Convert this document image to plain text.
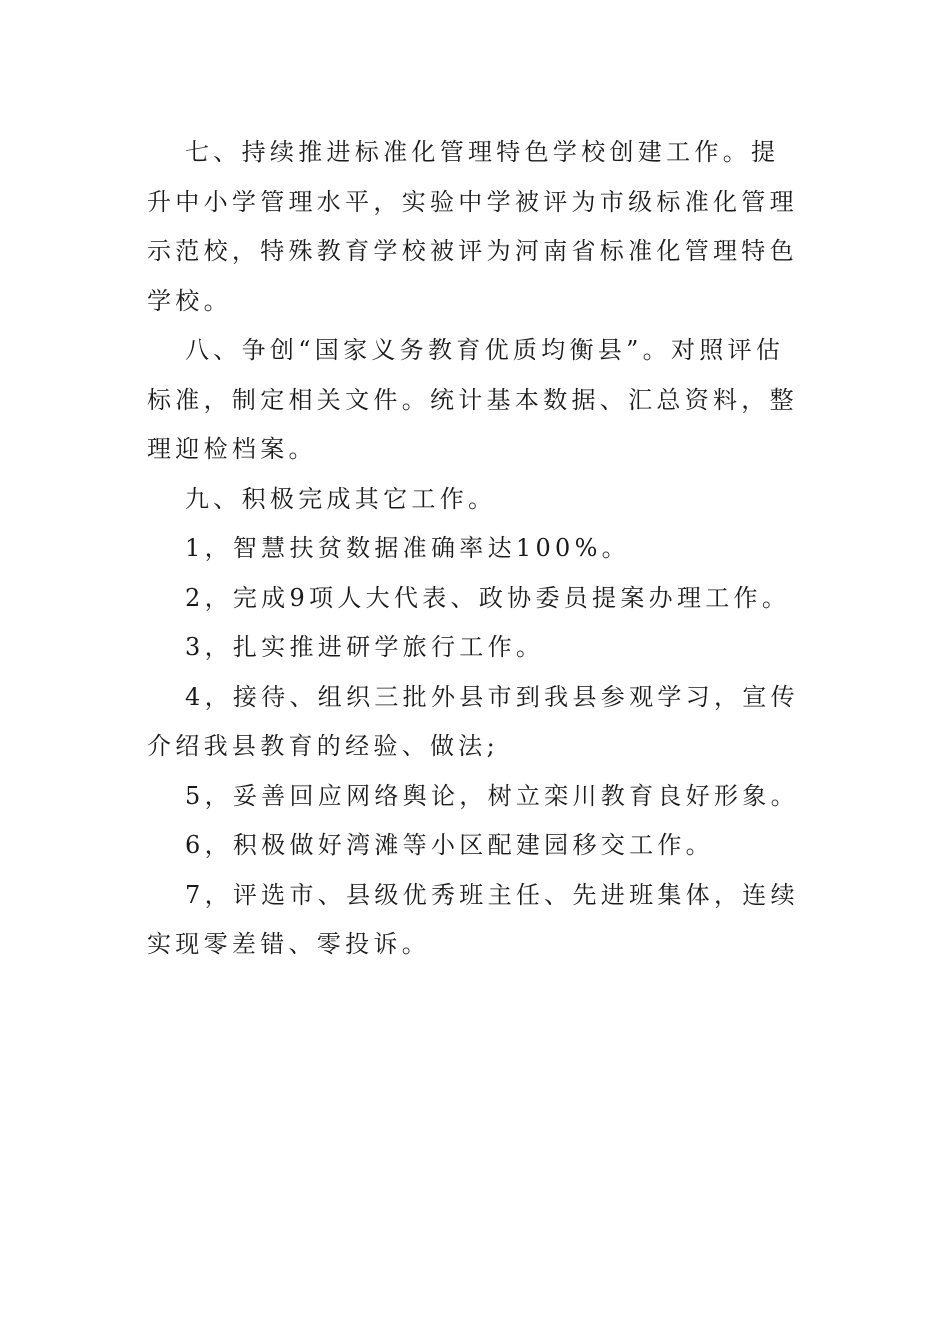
七、持续推进标准化管理特色学校创建工作。提升中小学管理水平，实验中学被评为市级标准化管理示范校，特殊教育学校被评为河南省标准化管理特色学校。

八、争创“国家义务教育优质均衡县”。对照评估标准，制定相关文件。统计基本数据、汇总资料，整理迎检档案。

九、积极完成其它工作。

1，智慧扶贫数据准确率达100%。

2，完成9项人大代表、政协委员提案办理工作。

3，扎实推进研学旅行工作。

4，接待、组织三批外县市到我县参观学习，宣传介绍我县教育的经验、做法;

5，妥善回应网络舆论，树立栾川教育良好形象。

6，积极做好湾滩等小区配建园移交工作。

7，评选市、县级优秀班主任、先进班集体，连续实现零差错、零投诉。
